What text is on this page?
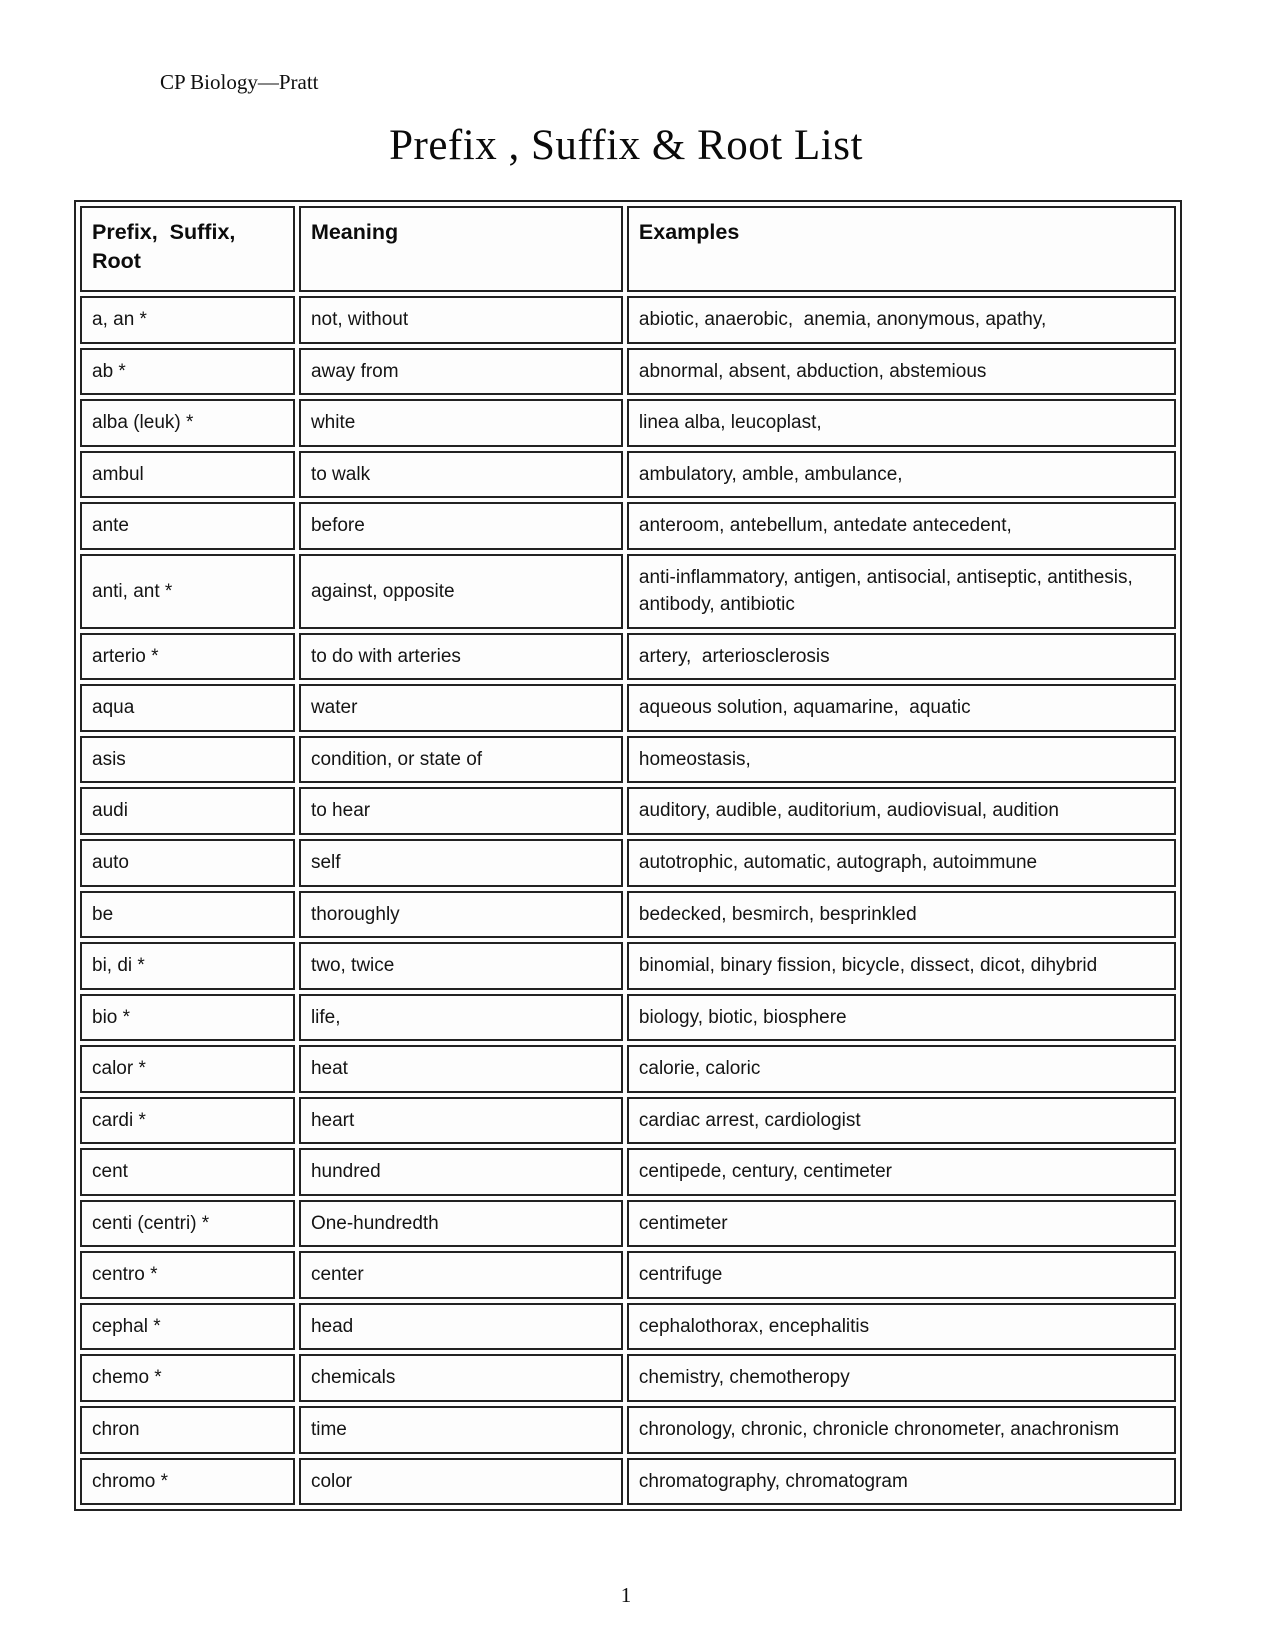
CP Biology—Pratt
Prefix , Suffix & Root List
Prefix,  Suffix, Root	Meaning	Examples
a, an *	not, without	abiotic, anaerobic,  anemia, anonymous, apathy,
ab *	away from	abnormal, absent, abduction, abstemious
alba (leuk) *	white	linea alba, leucoplast,
ambul	to walk	ambulatory, amble, ambulance,
ante	before	anteroom, antebellum, antedate antecedent,
anti, ant *	against, opposite	anti-inflammatory, antigen, antisocial, antiseptic, antithesis, antibody, antibiotic
arterio *	to do with arteries	artery,  arteriosclerosis
aqua	water	aqueous solution, aquamarine,  aquatic
asis	condition, or state of	homeostasis,
audi	to hear	auditory, audible, auditorium, audiovisual, audition
auto	self	autotrophic, automatic, autograph, autoimmune
be	thoroughly	bedecked, besmirch, besprinkled
bi, di *	two, twice	binomial, binary fission, bicycle, dissect, dicot, dihybrid
bio *	life,	biology, biotic, biosphere
calor *	heat	calorie, caloric
cardi *	heart	cardiac arrest, cardiologist
cent	hundred	centipede, century, centimeter
centi (centri) *	One-hundredth	centimeter
centro *	center	centrifuge
cephal *	head	cephalothorax, encephalitis
chemo *	chemicals	chemistry, chemotheropy
chron	time	chronology, chronic, chronicle chronometer, anachronism
chromo *	color	chromatography, chromatogram
1
